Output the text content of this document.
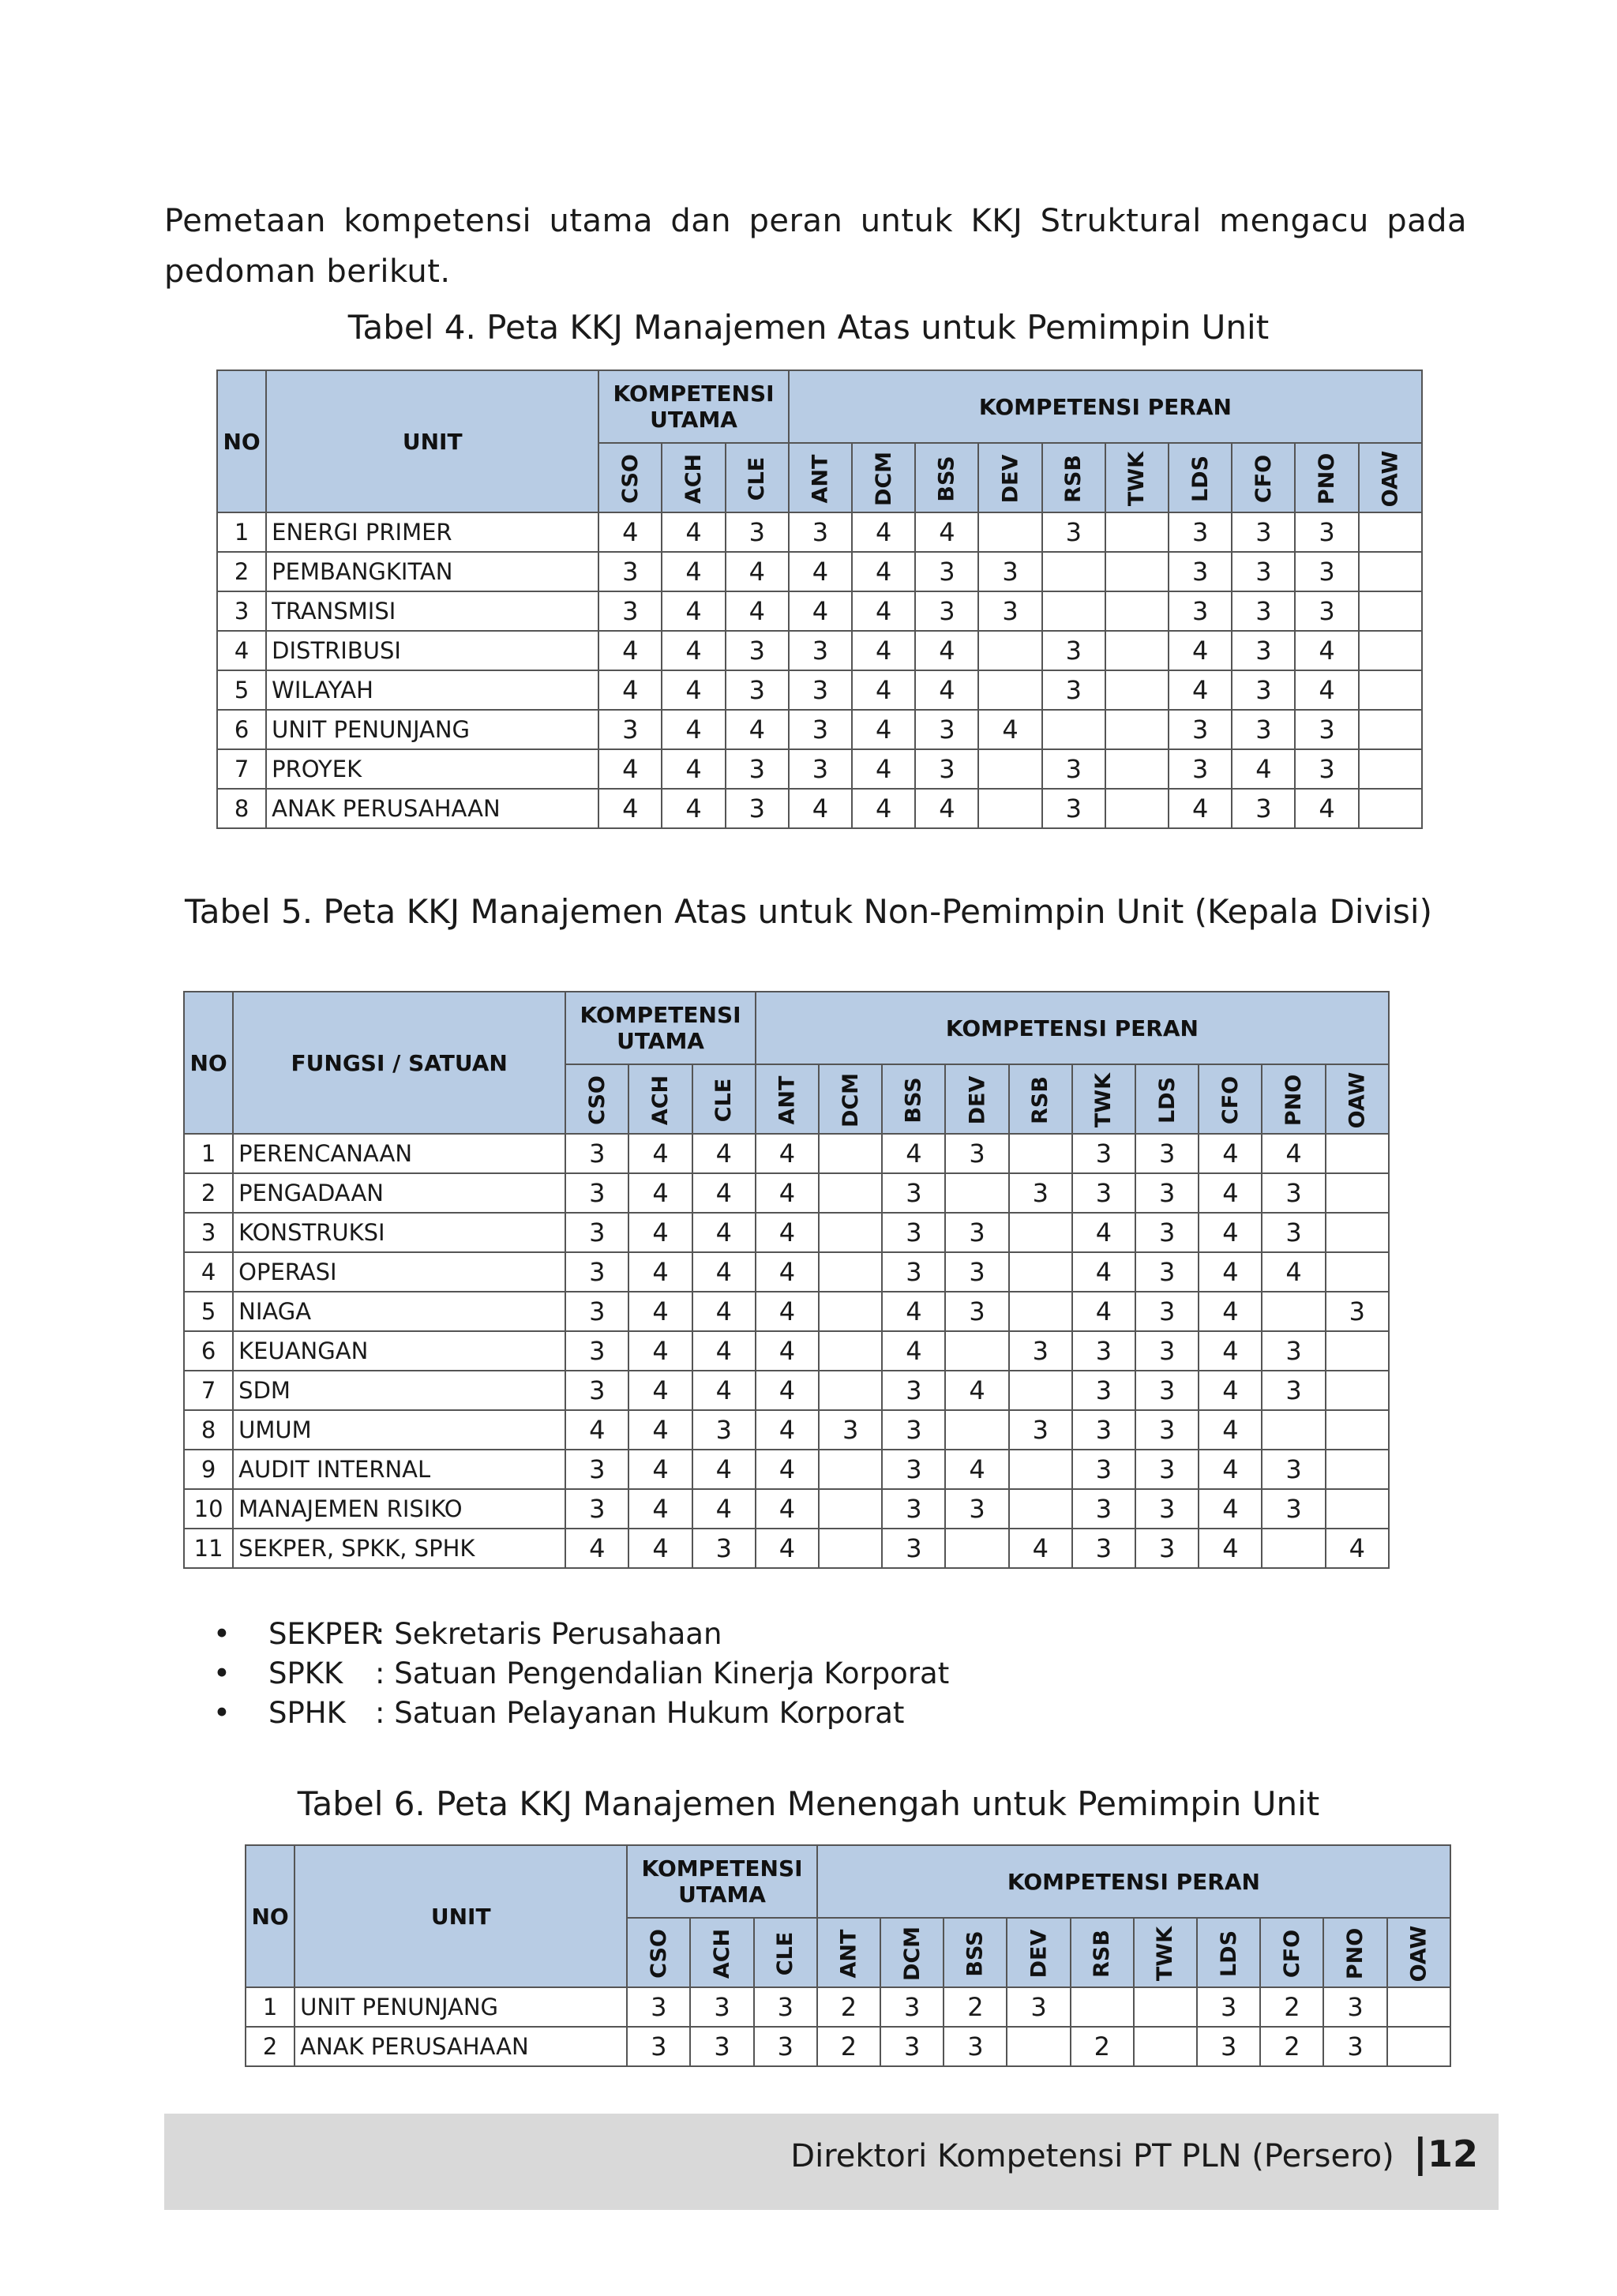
Pemetaan kompetensi utama dan peran untuk KKJ Struktural mengacu pada pedoman berikut.

Tabel 4. Peta KKJ Manajemen Atas untuk Pemimpin Unit
NO	UNIT	KOMPETENSI UTAMA			KOMPETENSI PERAN									
		CSO	ACH	CLE	ANT	DCM	BSS	DEV	RSB	TWK	LDS	CFO	PNO	OAW
1	ENERGI PRIMER	4	4	3	3	4	4		3		3	3	3	
2	PEMBANGKITAN	3	4	4	4	4	3	3			3	3	3	
3	TRANSMISI	3	4	4	4	4	3	3			3	3	3	
4	DISTRIBUSI	4	4	3	3	4	4		3		4	3	4	
5	WILAYAH	4	4	3	3	4	4		3		4	3	4	
6	UNIT PENUNJANG	3	4	4	3	4	3	4			3	3	3	
7	PROYEK	4	4	3	3	4	3		3		3	4	3	
8	ANAK PERUSAHAAN	4	4	3	4	4	4		3		4	3	4	
Tabel 5. Peta KKJ Manajemen Atas untuk Non-Pemimpin Unit (Kepala Divisi)
NO	FUNGSI / SATUAN	KOMPETENSI UTAMA			KOMPETENSI PERAN									
		CSO	ACH	CLE	ANT	DCM	BSS	DEV	RSB	TWK	LDS	CFO	PNO	OAW
1	PERENCANAAN	3	4	4	4		4	3		3	3	4	4	
2	PENGADAAN	3	4	4	4		3		3	3	3	4	3	
3	KONSTRUKSI	3	4	4	4		3	3		4	3	4	3	
4	OPERASI	3	4	4	4		3	3		4	3	4	4	
5	NIAGA	3	4	4	4		4	3		4	3	4		3
6	KEUANGAN	3	4	4	4		4		3	3	3	4	3	
7	SDM	3	4	4	4		3	4		3	3	4	3	
8	UMUM	4	4	3	4	3	3		3	3	3	4		
9	AUDIT INTERNAL	3	4	4	4		3	4		3	3	4	3	
10	MANAJEMEN RISIKO	3	4	4	4		3	3		3	3	4	3	
11	SEKPER, SPKK, SPHK	4	4	3	4		3		4	3	3	4		4
• SEKPER: Sekretaris Perusahaan
• SPKK : Satuan Pengendalian Kinerja Korporat
• SPHK : Satuan Pelayanan Hukum Korporat
Tabel 6. Peta KKJ Manajemen Menengah untuk Pemimpin Unit
NO	UNIT	KOMPETENSI UTAMA			KOMPETENSI PERAN									
		CSO	ACH	CLE	ANT	DCM	BSS	DEV	RSB	TWK	LDS	CFO	PNO	OAW
1	UNIT PENUNJANG	3	3	3	2	3	2	3			3	2	3	
2	ANAK PERUSAHAAN	3	3	3	2	3	3		2		3	2	3	
Direktori Kompetensi PT PLN (Persero) |12
